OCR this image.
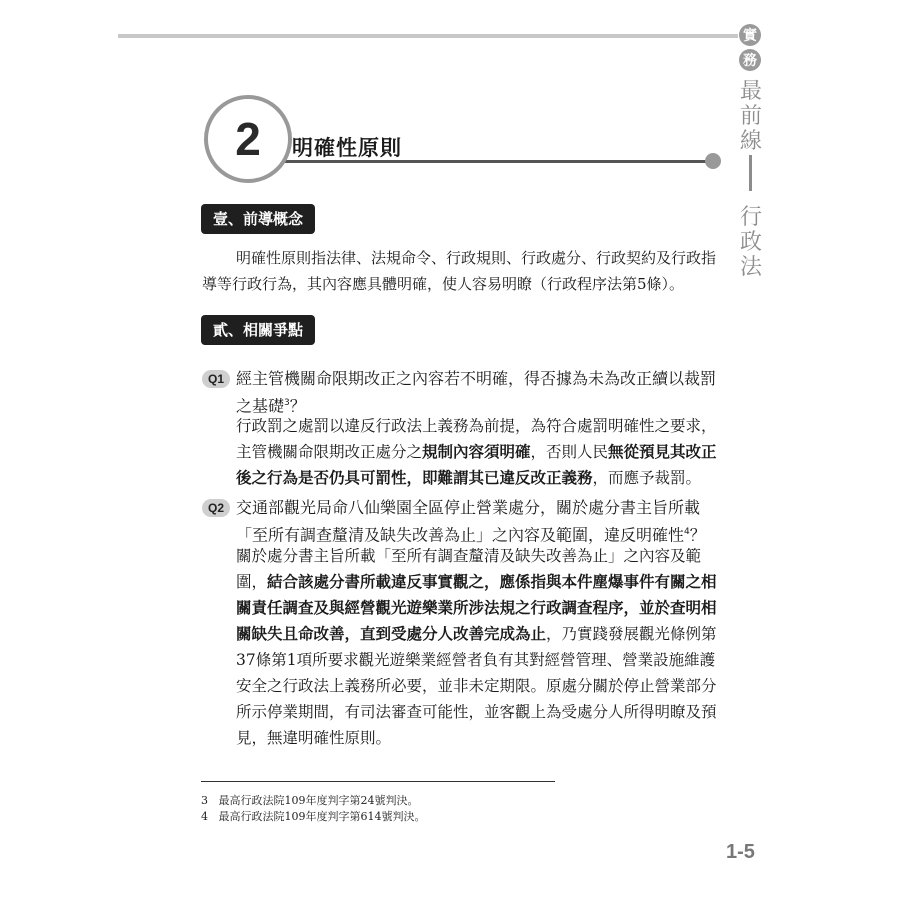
實
務
最
前
線
行
政
法
2	明確性原則
壹、前導概念
明確性原則指法律、法規命令、行政規則、行政處分、行政契約及行政指
導等行政行為，其內容應具體明確，使人容易明瞭（行政程序法第5條）。
貳、相關爭點
Q1 經主管機關命限期改正之內容若不明確，得否據為未為改正續以裁罰之基礎$^3$？
行政罰之處罰以違反行政法上義務為前提，為符合處罰明確性之要求，主管機關命限期改正處分之規制內容須明確，否則人民無從預見其改正後之行為是否仍具可罰性，即難謂其已違反改正義務，而應予裁罰。
Q2 交通部觀光局命八仙樂園全區停止營業處分，關於處分書主旨所載「至所有調查釐清及缺失改善為止」之內容及範圍，違反明確性$^4$？
關於處分書主旨所載「至所有調查釐清及缺失改善為止」之內容及範圍，結合該處分書所載違反事實觀之，應係指與本件塵爆事件有關之相關責任調查及與經營觀光遊樂業所涉法規之行政調查程序，並於查明相關缺失且命改善，直到受處分人改善完成為止，乃實踐發展觀光條例第37條第1項所要求觀光遊樂業經營者負有其對經營管理、營業設施維護安全之行政法上義務所必要，並非未定期限。原處分關於停止營業部分所示停業期間，有司法審查可能性，並客觀上為受處分人所得明瞭及預見，無違明確性原則。
3 最高行政法院109年度判字第24號判決。
4 最高行政法院109年度判字第614號判決。
1-5
